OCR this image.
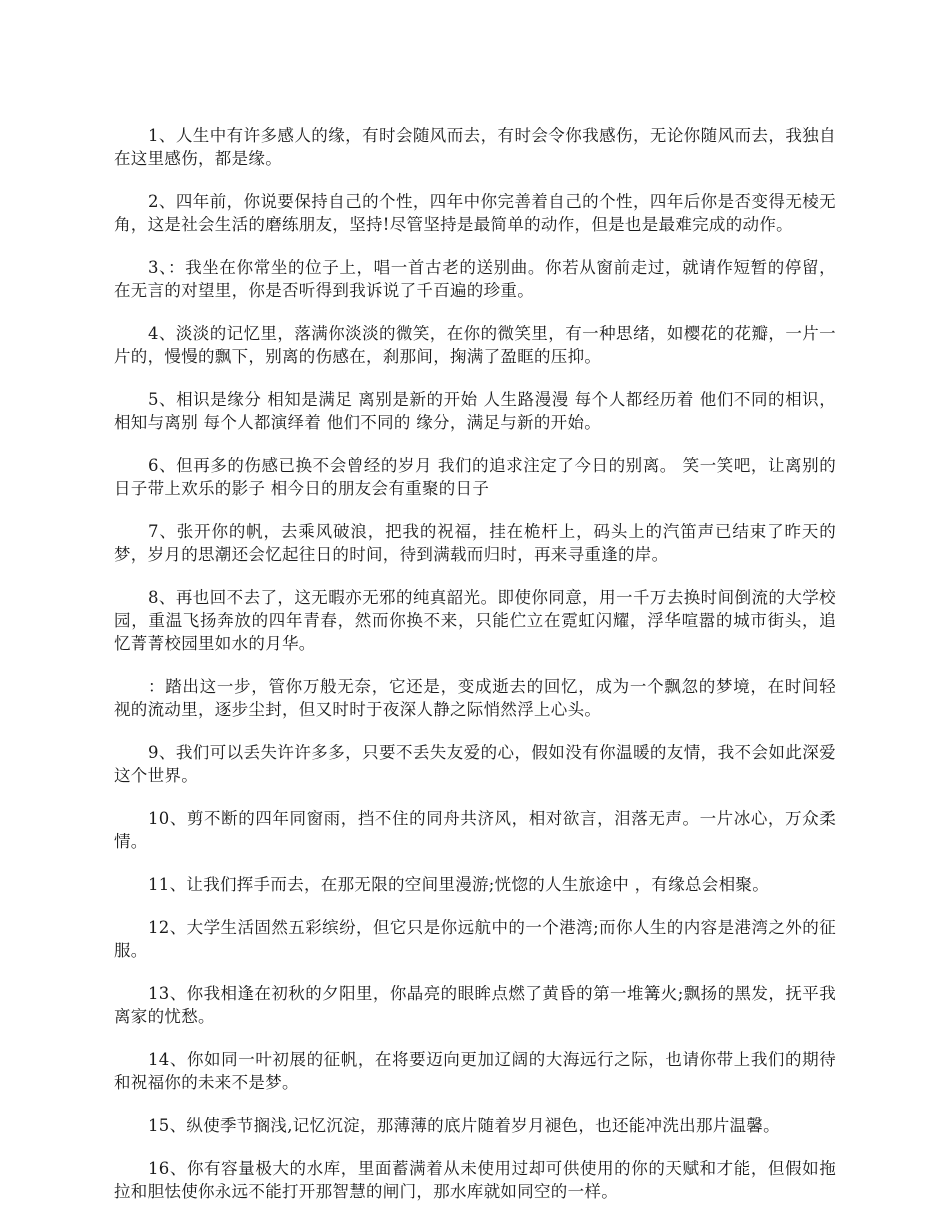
1、人生中有许多感人的缘，有时会随风而去，有时会令你我感伤，无论你随风而去，我独自在这里感伤，都是缘。

2、四年前，你说要保持自己的个性，四年中你完善着自己的个性，四年后你是否变得无棱无角，这是社会生活的磨练朋友，坚持!尽管坚持是最简单的动作，但是也是最难完成的动作。

3、：我坐在你常坐的位子上，唱一首古老的送别曲。你若从窗前走过，就请作短暂的停留，在无言的对望里，你是否听得到我诉说了千百遍的珍重。

4、淡淡的记忆里，落满你淡淡的微笑，在你的微笑里，有一种思绪，如樱花的花瓣，一片一片的，慢慢的飘下，别离的伤感在，刹那间，掬满了盈眶的压抑。

5、相识是缘分 相知是满足 离别是新的开始 人生路漫漫 每个人都经历着 他们不同的相识，相知与离别 每个人都演绎着 他们不同的 缘分，满足与新的开始。

6、但再多的伤感已换不会曾经的岁月 我们的追求注定了今日的别离。 笑一笑吧，让离别的日子带上欢乐的影子 相今日的朋友会有重聚的日子

7、张开你的帆，去乘风破浪，把我的祝福，挂在桅杆上，码头上的汽笛声已结束了昨天的梦，岁月的思潮还会忆起往日的时间，待到满载而归时，再来寻重逢的岸。

8、再也回不去了，这无暇亦无邪的纯真韶光。即使你同意，用一千万去换时间倒流的大学校园，重温飞扬奔放的四年青春，然而你换不来，只能伫立在霓虹闪耀，浮华喧嚣的城市街头，追忆菁菁校园里如水的月华。

：踏出这一步，管你万般无奈，它还是，变成逝去的回忆，成为一个飘忽的梦境，在时间轻视的流动里，逐步尘封，但又时时于夜深人静之际悄然浮上心头。

9、我们可以丢失许许多多，只要不丢失友爱的心，假如没有你温暖的友情，我不会如此深爱这个世界。

10、剪不断的四年同窗雨，挡不住的同舟共济风，相对欲言，泪落无声。一片冰心，万众柔情。

11、让我们挥手而去，在那无限的空间里漫游;恍惚的人生旅途中 ，有缘总会相聚。

12、大学生活固然五彩缤纷，但它只是你远航中的一个港湾;而你人生的内容是港湾之外的征服。

13、你我相逢在初秋的夕阳里，你晶亮的眼眸点燃了黄昏的第一堆篝火;飘扬的黑发，抚平我离家的忧愁。

14、你如同一叶初展的征帆，在将要迈向更加辽阔的大海远行之际，也请你带上我们的期待和祝福你的未来不是梦。

15、纵使季节搁浅,记忆沉淀，那薄薄的底片随着岁月褪色，也还能冲洗出那片温馨。

16、你有容量极大的水库，里面蓄满着从未使用过却可供使用的你的天赋和才能，但假如拖拉和胆怯使你永远不能打开那智慧的闸门，那水库就如同空的一样。
